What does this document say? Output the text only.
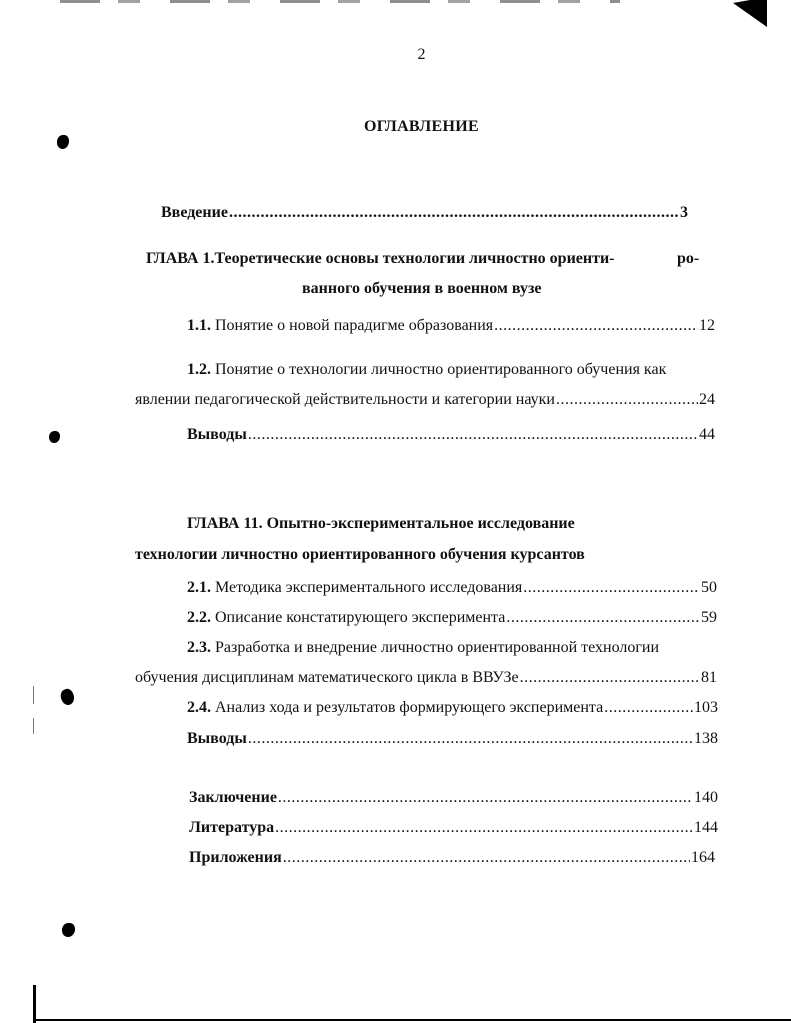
2
ОГЛАВЛЕНИЕ
Введение .....	3
ГЛАВА 1.Теоретические основы технологии личностно ориенти-	ро-
ванного обучения в военном вузе
1.1. Понятие о новой парадигме образования .....	12
1.2. Понятие о технологии личностно ориентированного обучения как
явлении педагогической действительности и категории науки .....	24
Выводы .....	44
ГЛАВА 11. Опытно-экспериментальное исследование
технологии личностно ориентированного обучения курсантов
2.1. Методика экспериментального исследования .....	50
2.2. Описание констатирующего эксперимента .....	59
2.3. Разработка и внедрение личностно ориентированной технологии
обучения дисциплинам математического цикла в ВВУЗе .....	81
2.4. Анализ хода и результатов формирующего эксперимента .....	103
Выводы .....	138
Заключение .....	140
Литература .....	144
Приложения .....	164
